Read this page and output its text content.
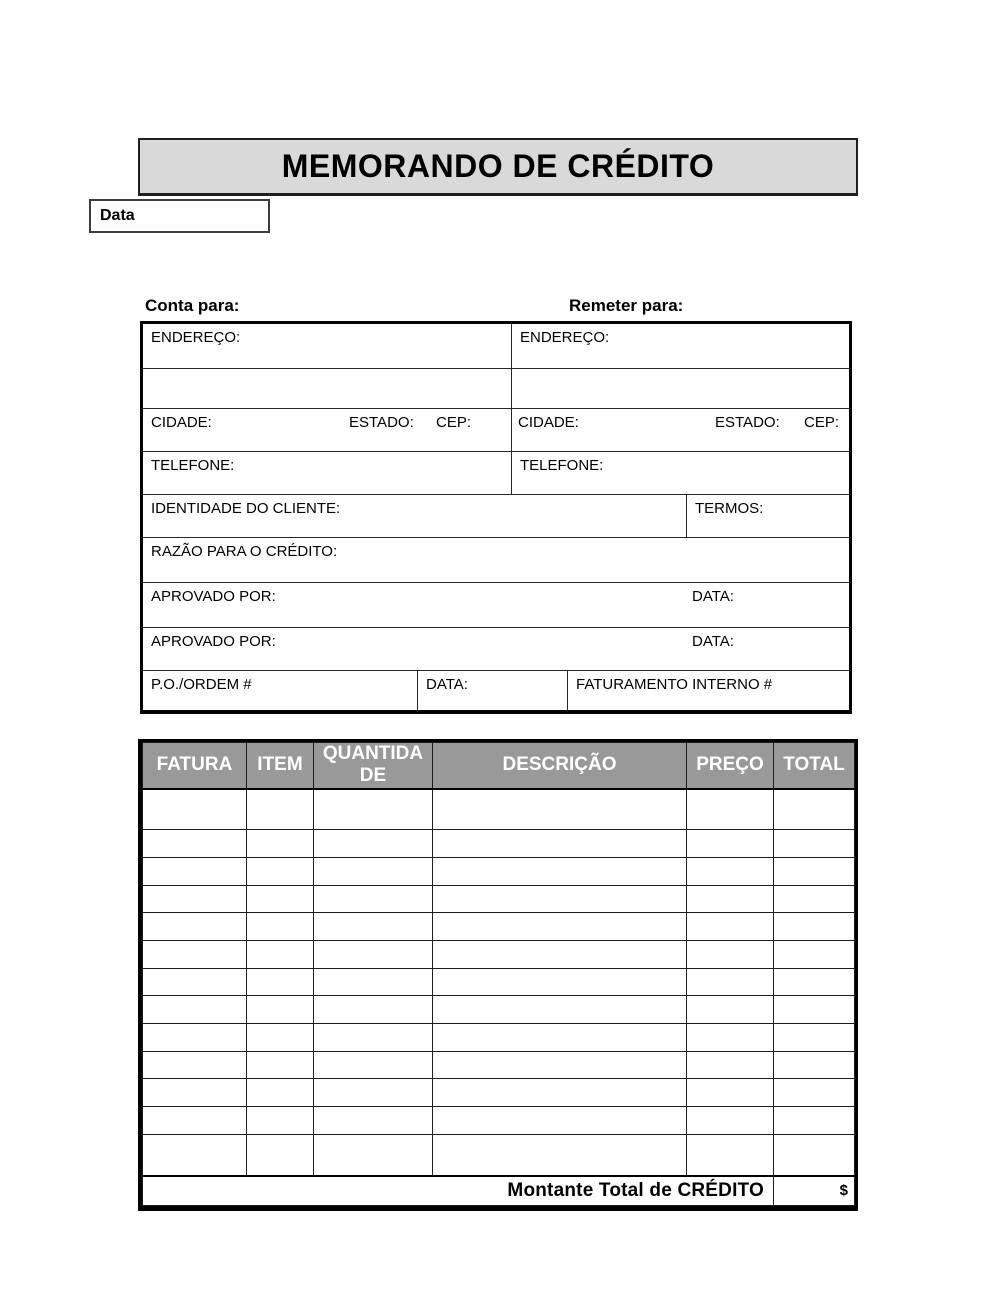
MEMORANDO DE CRÉDITO
Data
Conta para:	Remeter para:
ENDEREÇO:	ENDEREÇO:
CIDADE:	ESTADO: CEP:	CIDADE:	ESTADO: CEP:
TELEFONE:	TELEFONE:
IDENTIDADE DO CLIENTE:	TERMOS:
RAZÃO PARA O CRÉDITO:
APROVADO POR:	DATA:
APROVADO POR:	DATA:
P.O./ORDEM #	DATA:	FATURAMENTO INTERNO #
FATURA	ITEM	QUANTIDADE	DESCRIÇÃO	PREÇO	TOTAL

Montante Total de CRÉDITO					$
